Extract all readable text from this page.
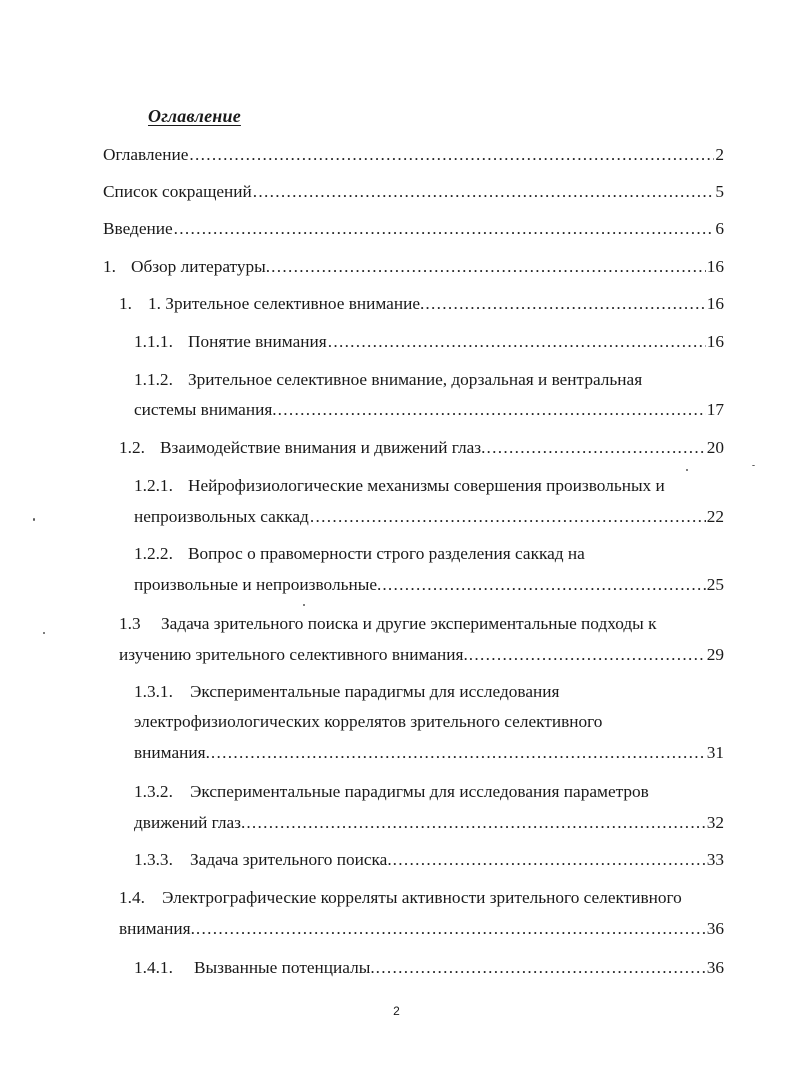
Оглавление
Оглавление .....	2
Список сокращений .....	5
Введение .....	6
1. Обзор литературы. .....	16
1. 1. Зрительное селективное внимание. .....	16
1.1.1. Понятие внимания .....	16
1.1.2. Зрительное селективное внимание, дорзальная и вентральная
системы внимания. .....	17
1.2. Взаимодействие внимания и движений глаз. .....	20
1.2.1. Нейрофизиологические механизмы совершения произвольных и
непроизвольных саккад .....	22
1.2.2. Вопрос о правомерности строго разделения саккад на
произвольные и непроизвольные. .....	25
1.3 Задача зрительного поиска и другие экспериментальные подходы к
изучению зрительного селективного внимания. .....	29
1.3.1. Экспериментальные парадигмы для исследования
электрофизиологических коррелятов зрительного селективного
внимания. .....	31
1.3.2. Экспериментальные парадигмы для исследования параметров
движений глаз. .....	32
1.3.3. Задача зрительного поиска. .....	33
1.4. Электрографические корреляты активности зрительного селективного
внимания. .....	36
1.4.1.	Вызванные потенциалы. .....	36
2
